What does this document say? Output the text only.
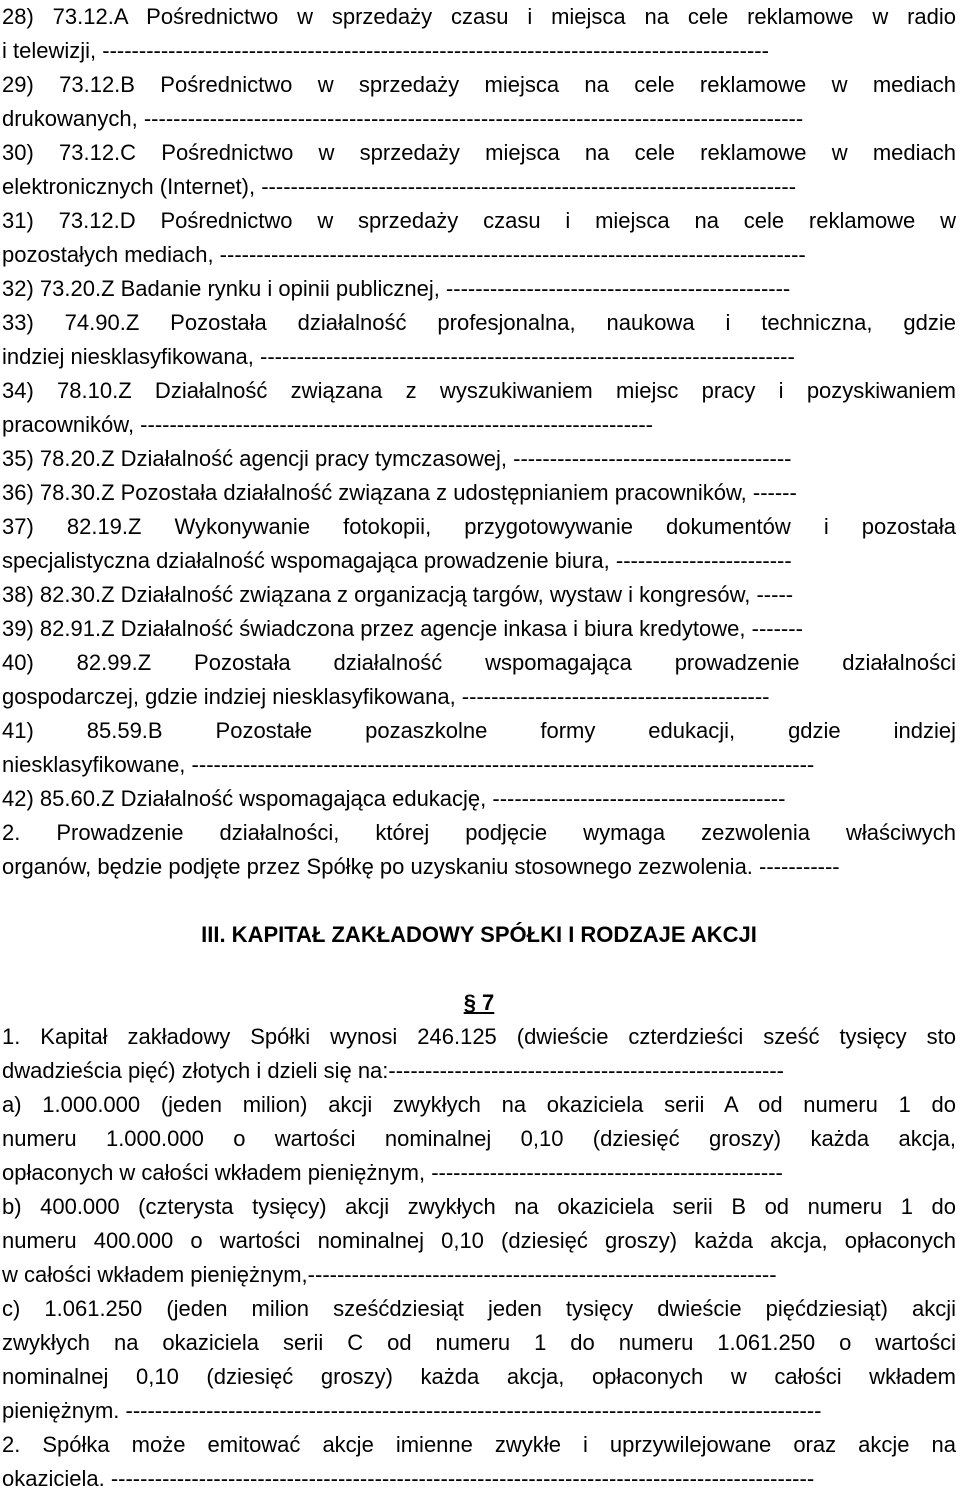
28) 73.12.A Pośrednictwo w sprzedaży czasu i miejsca na cele reklamowe w radio
i telewizji, -------------------------------------------------------------------------------------------
29) 73.12.B Pośrednictwo w sprzedaży miejsca na cele reklamowe w mediach
drukowanych, ------------------------------------------------------------------------------------------
30) 73.12.C Pośrednictwo w sprzedaży miejsca na cele reklamowe w mediach
elektronicznych (Internet), -------------------------------------------------------------------------
31) 73.12.D Pośrednictwo w sprzedaży czasu i miejsca na cele reklamowe w
pozostałych mediach, --------------------------------------------------------------------------------
32) 73.20.Z Badanie rynku i opinii publicznej, -----------------------------------------------
33) 74.90.Z Pozostała działalność profesjonalna, naukowa i techniczna, gdzie
indziej niesklasyfikowana, -------------------------------------------------------------------------
34) 78.10.Z Działalność związana z wyszukiwaniem miejsc pracy i pozyskiwaniem
pracowników, ----------------------------------------------------------------------
35) 78.20.Z Działalność agencji pracy tymczasowej, --------------------------------------
36) 78.30.Z Pozostała działalność związana z udostępnianiem pracowników, ------
37) 82.19.Z Wykonywanie fotokopii, przygotowywanie dokumentów i pozostała
specjalistyczna działalność wspomagająca prowadzenie biura, ------------------------
38) 82.30.Z Działalność związana z organizacją targów, wystaw i kongresów, -----
39) 82.91.Z Działalność świadczona przez agencje inkasa i biura kredytowe, -------
40) 82.99.Z Pozostała działalność wspomagająca prowadzenie działalności
gospodarczej, gdzie indziej niesklasyfikowana, ------------------------------------------
41) 85.59.B Pozostałe pozaszkolne formy edukacji, gdzie indziej
niesklasyfikowane, -------------------------------------------------------------------------------------
42) 85.60.Z Działalność wspomagająca edukację, ----------------------------------------
2. Prowadzenie działalności, której podjęcie wymaga zezwolenia właściwych
organów, będzie podjęte przez Spółkę po uzyskaniu stosownego zezwolenia. -----------
III. KAPITAŁ ZAKŁADOWY SPÓŁKI I RODZAJE AKCJI
§ 7
1. Kapitał zakładowy Spółki wynosi 246.125 (dwieście czterdzieści sześć tysięcy sto
dwadzieścia pięć) złotych i dzieli się na:------------------------------------------------------
a) 1.000.000 (jeden milion) akcji zwykłych na okaziciela serii A od numeru 1 do
numeru 1.000.000 o wartości nominalnej 0,10 (dziesięć groszy) każda akcja,
opłaconych w całości wkładem pieniężnym, ------------------------------------------------
b) 400.000 (czterysta tysięcy) akcji zwykłych na okaziciela serii B od numeru 1 do
numeru 400.000 o wartości nominalnej 0,10 (dziesięć groszy) każda akcja, opłaconych
w całości wkładem pieniężnym,----------------------------------------------------------------
c) 1.061.250 (jeden milion sześćdziesiąt jeden tysięcy dwieście pięćdziesiąt) akcji
zwykłych na okaziciela serii C od numeru 1 do numeru 1.061.250 o wartości
nominalnej 0,10 (dziesięć groszy) każda akcja, opłaconych w całości wkładem
pieniężnym. -----------------------------------------------------------------------------------------------
2. Spółka może emitować akcje imienne zwykłe i uprzywilejowane oraz akcje na
okaziciela. ------------------------------------------------------------------------------------------------
